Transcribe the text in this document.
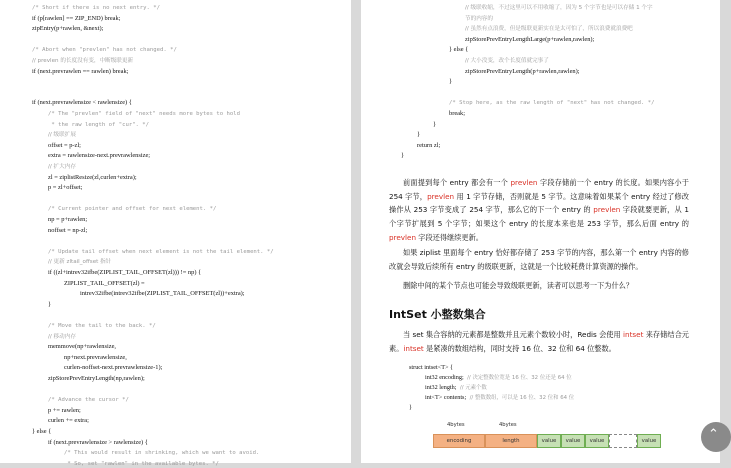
/* Short if there is no next entry. */
if (p[rawlen] == ZIP_END) break;
zipEntry(p+rawlen, &next);
/* Abort when "prevlen" has not changed. */
// prevlen 的长度没有变，中断级联更新
if (next.prevrawlen == rawlen) break;
if (next.prevrawlensize < rawlensize) {
/* The "prevlen" field of "next" needs more bytes to hold
* the raw length of "cur". */
// 级联扩展
offset = p-zl;
extra = rawlensize-next.prevrawlensize;
// 扩大内存
zl = ziplistResize(zl,curlen+extra);
p = zl+offset;
/* Current pointer and offset for next element. */
np = p+rawlen;
noffset = np-zl;
/* Update tail offset when next element is not the tail element. */
// 更新 zltail_offset 指针
if ((zl+intrev32ifbe(ZIPLIST_TAIL_OFFSET(zl))) != np) {
ZIPLIST_TAIL_OFFSET(zl) =
intrev32ifbe(intrev32ifbe(ZIPLIST_TAIL_OFFSET(zl))+extra);
}
/* Move the tail to the back. */
// 移动内存
memmove(np+rawlensize,
np+next.prevrawlensize,
curlen-noffset-next.prevrawlensize-1);
zipStorePrevEntryLength(np,rawlen);
/* Advance the cursor */
p += rawlen;
curlen += extra;
} else {
if (next.prevrawlensize > rawlensize) {
/* This would result in shrinking, which we want to avoid.
* So, set "rawlen" in the available bytes. */
// 级联收缩，不过这里可以不用收缩了，因为 5 个字节也是可以存储 1 个字
节的内容的
// 虽然有点浪费，但是级联更新实在是太可怕了，所以浪费就浪费吧
zipStorePrevEntryLengthLarge(p+rawlen,rawlen);
} else {
// 大小没变，改个长度值就完事了
zipStorePrevEntryLength(p+rawlen,rawlen);
}
/* Stop here, as the raw length of "next" has not changed. */
break;
}
}
return zl;
}
前面提到每个 entry 都会有一个 prevlen 字段存储前一个 entry 的长度。如果内容小于 254 字节，prevlen 用 1 字节存储，否则就是 5 字节。这意味着如果某个 entry 经过了修改操作从 253 字节变成了 254 字节，那么它的下一个 entry 的 prevlen 字段就要更新，从 1 个字节扩展到 5 个字节；如果这个 entry 的长度本来也是 253 字节，那么后面 entry 的 prevlen 字段还得继续更新。
如果 ziplist 里面每个 entry 恰好都存储了 253 字节的内容，那么第一个 entry 内容的修改就会导致后续所有 entry 的级联更新，这就是一个比较耗费计算资源的操作。
删除中间的某个节点也可能会导致级联更新，读者可以思考一下为什么？
IntSet 小整数集合
当 set 集合容纳的元素都是整数并且元素个数较小时，Redis 会使用 intset 来存储结合元素。intset 是紧凑的数组结构，同时支持 16 位、32 位和 64 位整数。
struct intset<T> {
int32 encoding;  // 决定整数位宽是 16 位、32 位还是 64 位
int32 length;  // 元素个数
int<T> contents;  // 整数数组，可以是 16 位、32 位和 64 位
}
4bytes	4bytes
encoding	length	value	value	value	value	⌃
